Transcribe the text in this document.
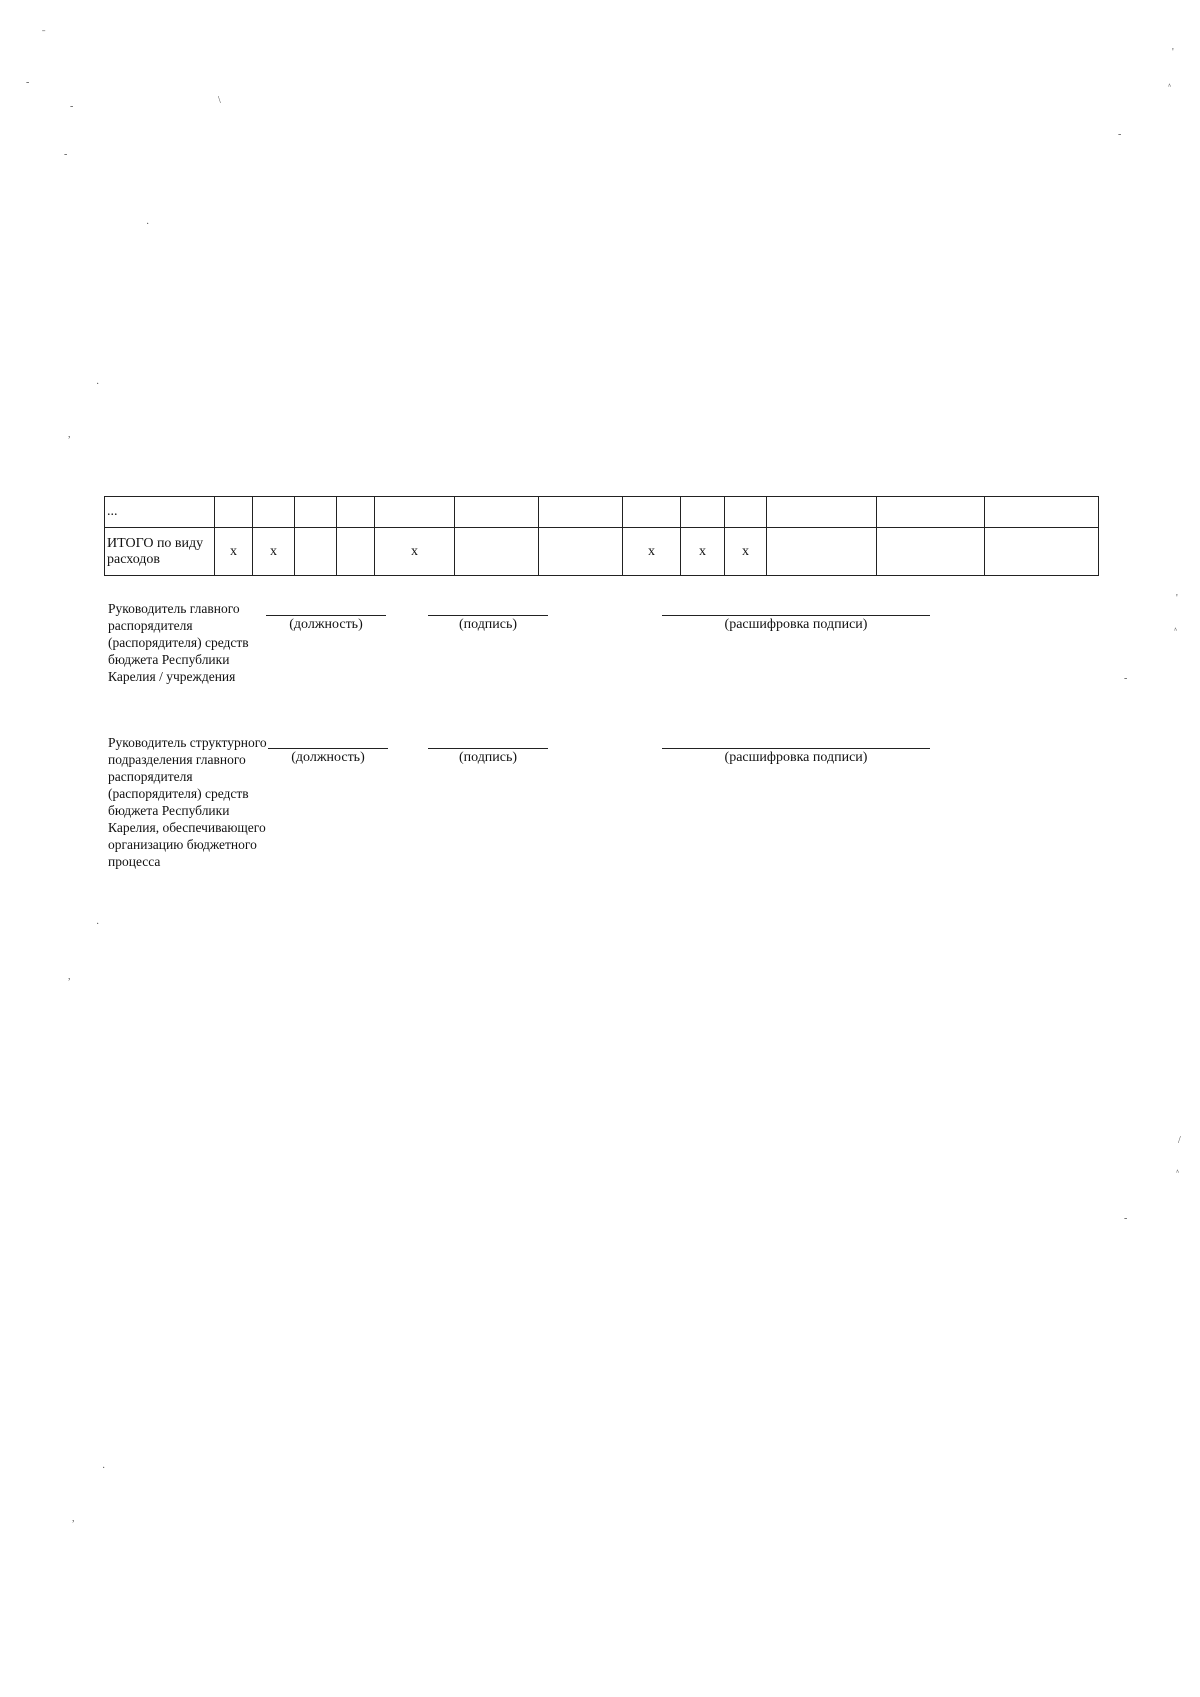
ˉ
-
-
\
-
·
·
,
'
ᶺ
-
'
ᶺ
-
·
,
/
ᶺ
-
·
,
...													
ИТОГО по виду расходов	x	x			x			x	x	x			
Руководитель главного распорядителя (распорядителя) средств бюджета Республики Карелия / учреждения
(должность)	(подпись)	(расшифровка подписи)
Руководитель структурного подразделения главного распорядителя (распорядителя) средств бюджета Республики Карелия, обеспечивающего организацию бюджетного процесса
(должность)	(подпись)	(расшифровка подписи)
